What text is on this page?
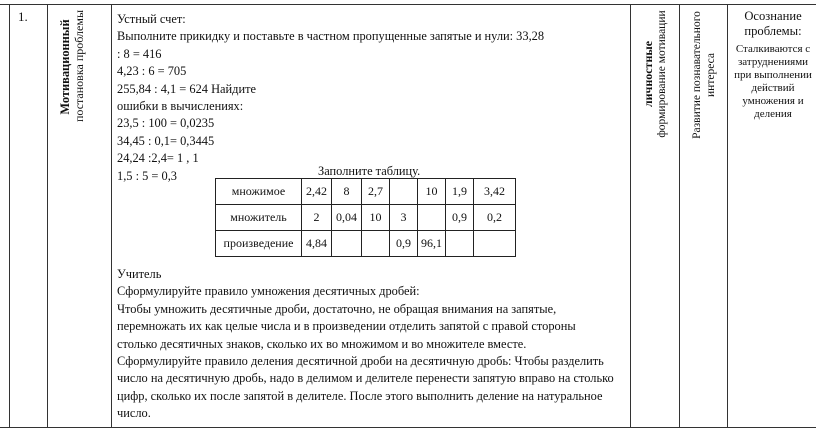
1.
Мотивационный постановка проблемы	Устный счет:
Выполните прикидку и поставьте в частном пропущенные запятые и нули: 33,28
: 8 = 416
4,23 : 6 = 705
255,84 : 4,1 = 624 Найдите
ошибки в вычислениях:
23,5 : 100 = 0,0235
34,45 : 0,1= 0,3445
24,24 :2,4= 1 , 1
1,5 : 5 = 0,3	Заполните таблицу.
множимое	2,42	8	2,7		10	1,9	3,42
множитель	2	0,04	10	3		0,9	0,2
произведение	4,84			0,9	96,1		
Учитель
Сформулируйте правило умножения десятичных дробей:
Чтобы умножить десятичные дроби, достаточно, не обращая внимания на запятые,
перемножать их как целые числа и в произведении отделить запятой с правой стороны
столько десятичных знаков, сколько их во множимом и во множителе вместе.
Сформулируйте правило деления десятичной дроби на десятичную дробь: Чтобы разделить
число на десятичную дробь, надо в делимом и делителе перенести запятую вправо на столько
цифр, сколько их после запятой в делителе. После этого выполнить деление на натуральное
число.
личностные формирование мотивации Развитие познавательного интереса
Осознание проблемы:
Сталкиваются с затруднениями при выполнении действий умножения и деления
